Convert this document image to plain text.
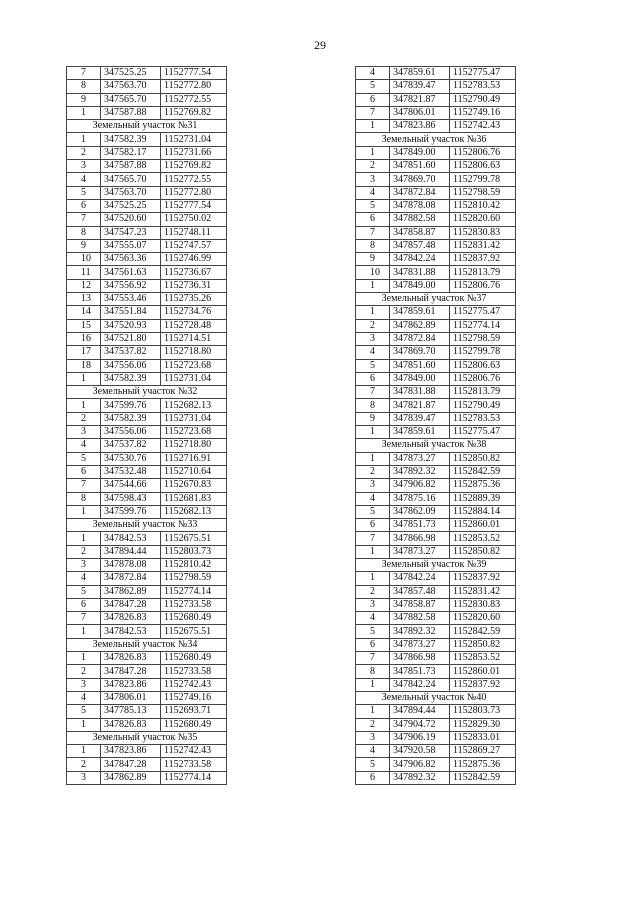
29
7	347525.25	1152777.54
8	347563.70	1152772.80
9	347565.70	1152772.55
1	347587.88	1152769.82
Земельный участок №31		
1	347582.39	1152731.04
2	347582.17	1152731.66
3	347587.88	1152769.82
4	347565.70	1152772.55
5	347563.70	1152772.80
6	347525.25	1152777.54
7	347520.60	1152750.02
8	347547.23	1152748.11
9	347555.07	1152747.57
10	347563.36	1152746.99
11	347561.63	1152736.67
12	347556.92	1152736.31
13	347553.46	1152735.26
14	347551.84	1152734.76
15	347520.93	1152728.48
16	347521.80	1152714.51
17	347537.82	1152718.80
18	347556.06	1152723.68
1	347582.39	1152731.04
Земельный участок №32		
1	347599.76	1152682.13
2	347582.39	1152731.04
3	347556.06	1152723.68
4	347537.82	1152718.80
5	347530.76	1152716.91
6	347532.48	1152710.64
7	347544.66	1152670.83
8	347598.43	1152681.83
1	347599.76	1152682.13
Земельный участок №33		
1	347842.53	1152675.51
2	347894.44	1152803.73
3	347878.08	1152810.42
4	347872.84	1152798.59
5	347862.89	1152774.14
6	347847.28	1152733.58
7	347826.83	1152680.49
1	347842.53	1152675.51
Земельный участок №34		
1	347826.83	1152680.49
2	347847.28	1152733.58
3	347823.86	1152742.43
4	347806.01	1152749.16
5	347785.13	1152693.71
1	347826.83	1152680.49
Земельный участок №35		
1	347823.86	1152742.43
2	347847.28	1152733.58
3	347862.89	1152774.14
4	347859.61	1152775.47
5	347839.47	1152783.53
6	347821.87	1152790.49
7	347806.01	1152749.16
1	347823.86	1152742.43
Земельный участок №36		
1	347849.00	1152806.76
2	347851.60	1152806.63
3	347869.70	1152799.78
4	347872.84	1152798.59
5	347878.08	1152810.42
6	347882.58	1152820.60
7	347858.87	1152830.83
8	347857.48	1152831.42
9	347842.24	1152837.92
10	347831.88	1152813.79
1	347849.00	1152806.76
Земельный участок №37		
1	347859.61	1152775.47
2	347862.89	1152774.14
3	347872.84	1152798.59
4	347869.70	1152799.78
5	347851.60	1152806.63
6	347849.00	1152806.76
7	347831.88	1152813.79
8	347821.87	1152790.49
9	347839.47	1152783.53
1	347859.61	1152775.47
Земельный участок №38		
1	347873.27	1152850.82
2	347892.32	1152842.59
3	347906.82	1152875.36
4	347875.16	1152889.39
5	347862.09	1152884.14
6	347851.73	1152860.01
7	347866.98	1152853.52
1	347873.27	1152850.82
Земельный участок №39		
1	347842.24	1152837.92
2	347857.48	1152831.42
3	347858.87	1152830.83
4	347882.58	1152820.60
5	347892.32	1152842.59
6	347873.27	1152850.82
7	347866.98	1152853.52
8	347851.73	1152860.01
1	347842.24	1152837.92
Земельный участок №40		
1	347894.44	1152803.73
2	347904.72	1152829.30
3	347906.19	1152833.01
4	347920.58	1152869.27
5	347906.82	1152875.36
6	347892.32	1152842.59
